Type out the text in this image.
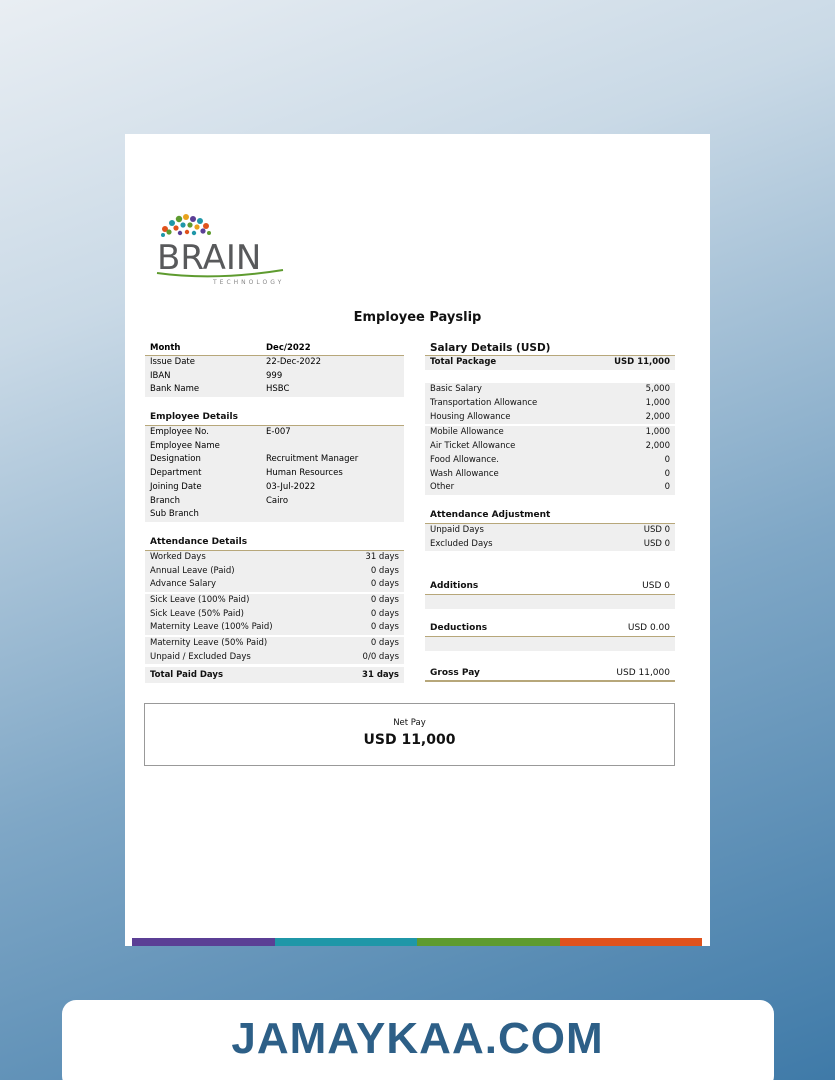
BRAIN
TECHNOLOGY
Employee Payslip
Month	Dec/2022
Issue Date	22-Dec-2022
IBAN	999
Bank Name	HSBC
Employee Details
Employee No.	E-007
Employee Name
Designation	Recruitment Manager
Department	Human Resources
Joining Date	03-Jul-2022
Branch	Cairo
Sub Branch
Attendance Details
Worked Days	31 days
Annual Leave (Paid)	0 days
Advance Salary	0 days
Sick Leave (100% Paid)	0 days
Sick Leave (50% Paid)	0 days
Maternity Leave (100% Paid)	0 days
Maternity Leave (50% Paid)	0 days
Unpaid / Excluded Days	0/0 days
Total Paid Days	31 days
Salary Details (USD)
Total Package	USD 11,000
Basic Salary	5,000
Transportation Allowance	1,000
Housing Allowance	2,000
Mobile Allowance	1,000
Air Ticket Allowance	2,000
Food Allowance.	0
Wash Allowance	0
Other	0
Attendance Adjustment
Unpaid Days	USD 0
Excluded Days	USD 0
Additions	USD 0
Deductions	USD 0.00
Gross Pay	USD 11,000
Net Pay
USD 11,000
JAMAYKAA.COM
